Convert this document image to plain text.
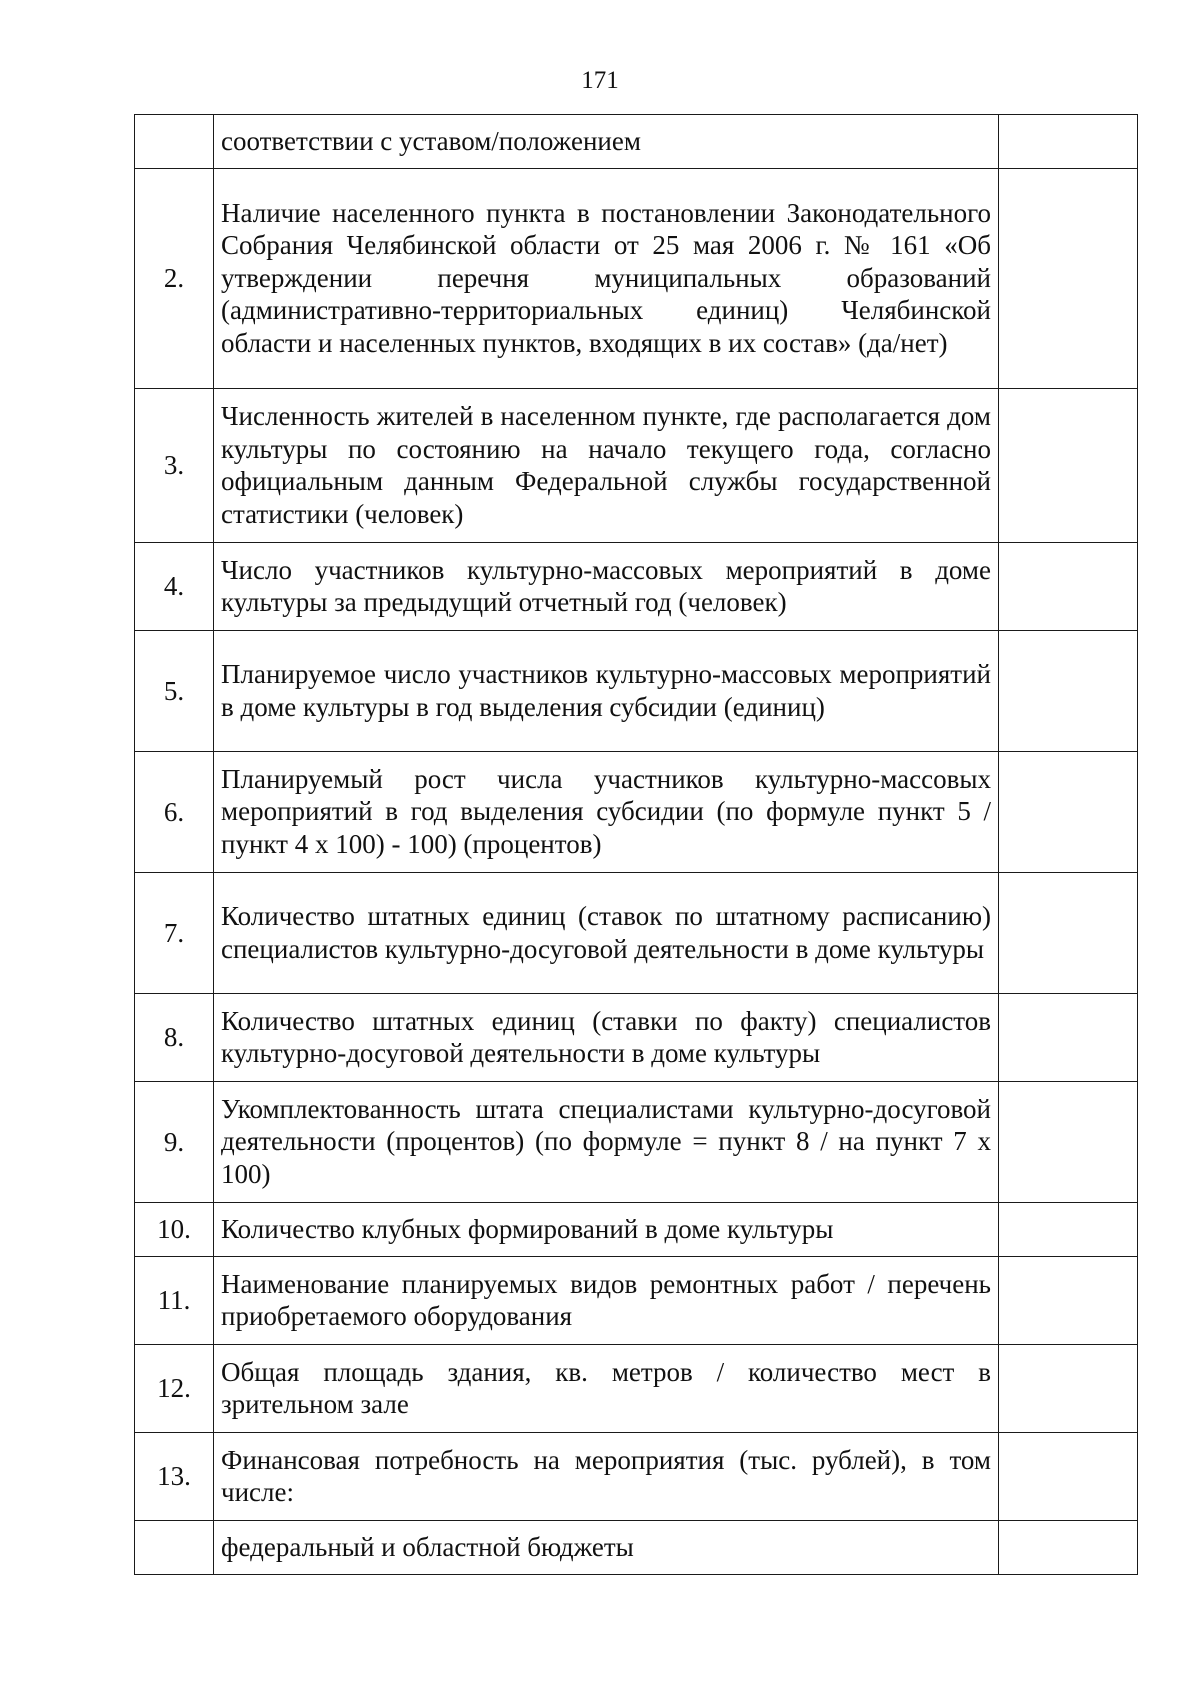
171
	соответствии с уставом/положением	
2.	Наличие населенного пункта в постановлении Законодательного Собрания Челябинской области от 25 мая 2006 г. № 161 «Об утверждении перечня муниципальных образований (административно-территориальных единиц) Челябинской области и населенных пунктов, входящих в их состав» (да/нет)	
3.	Численность жителей в населенном пункте, где располагается дом культуры по состоянию на начало текущего года, согласно официальным данным Федеральной службы государственной статистики (человек)	
4.	Число участников культурно-массовых мероприятий в доме культуры за предыдущий отчетный год (человек)	
5.	Планируемое число участников культурно-массовых мероприятий в доме культуры в год выделения субсидии (единиц)	
6.	Планируемый рост числа участников культурно-массовых мероприятий в год выделения субсидии (по формуле пункт 5 / пункт 4 x 100) - 100) (процентов)	
7.	Количество штатных единиц (ставок по штатному расписанию) специалистов культурно-досуговой деятельности в доме культуры	
8.	Количество штатных единиц (ставки по факту) специалистов культурно-досуговой деятельности в доме культуры	
9.	Укомплектованность штата специалистами культурно-досуговой деятельности (процентов) (по формуле = пункт 8 / на пункт 7 x 100)	
10.	Количество клубных формирований в доме культуры	
11.	Наименование планируемых видов ремонтных работ / перечень приобретаемого оборудования	
12.	Общая площадь здания, кв. метров / количество мест в зрительном зале	
13.	Финансовая потребность на мероприятия (тыс. рублей), в том числе:	
	федеральный и областной бюджеты	
